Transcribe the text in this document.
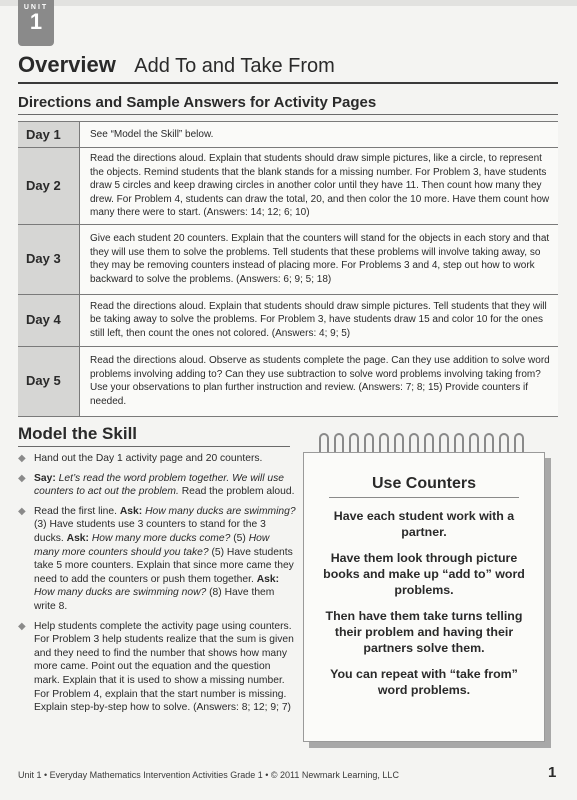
UNIT
1
Overview Add To and Take From
Directions and Sample Answers for Activity Pages
Day 1	See “Model the Skill” below.
Day 2	Read the directions aloud. Explain that students should draw simple pictures, like a circle, to represent the objects. Remind students that the blank stands for a missing number. For Problem 3, have students draw 5 circles and keep drawing circles in another color until they have 11. Then count how many they drew. For Problem 4, students can draw the total, 20, and then color the 10 more. Have them count how many there were to start. (Answers: 14; 12; 6; 10)
Day 3	Give each student 20 counters. Explain that the counters will stand for the objects in each story and that they will use them to solve the problems. Tell students that these problems will involve taking away, so they may be removing counters instead of placing more. For Problems 3 and 4, step out how to work backward to solve the problems. (Answers: 6; 9; 5; 18)
Day 4	Read the directions aloud. Explain that students should draw simple pictures. Tell students that they will be taking away to solve the problems. For Problem 3, have students draw 15 and color 10 for the ones still left, then count the ones not colored. (Answers: 4; 9; 5)
Day 5	Read the directions aloud. Observe as students complete the page. Can they use addition to solve word problems involving adding to? Can they use subtraction to solve word problems involving taking from? Use your observations to plan further instruction and review. (Answers: 7; 8; 15) Provide counters if needed.
Model the Skill
◆ Hand out the Day 1 activity page and 20 counters.
◆ Say: Let’s read the word problem together. We will use counters to act out the problem. Read the problem aloud.
◆ Read the first line. Ask: How many ducks are swimming? (3) Have students use 3 counters to stand for the 3 ducks. Ask: How many more ducks come? (5) How many more counters should you take? (5) Have students take 5 more counters. Explain that since more came they need to add the counters or push them together. Ask: How many ducks are swimming now? (8) Have them write 8.
◆ Help students complete the activity page using counters. For Problem 3 help students realize that the sum is given and they need to find the number that shows how many more came. Point out the equation and the question mark. Explain that it is used to show a missing number. For Problem 4, explain that the start number is missing. Explain step-by-step how to solve. (Answers: 8; 12; 9; 7)
Use Counters

Have each student work with a partner.

Have them look through picture books and make up “add to” word problems.

Then have them take turns telling their problem and having their partners solve them.

You can repeat with “take from” word problems.

Unit 1 • Everyday Mathematics Intervention Activities Grade 1 • © 2011 Newmark Learning, LLC	1
